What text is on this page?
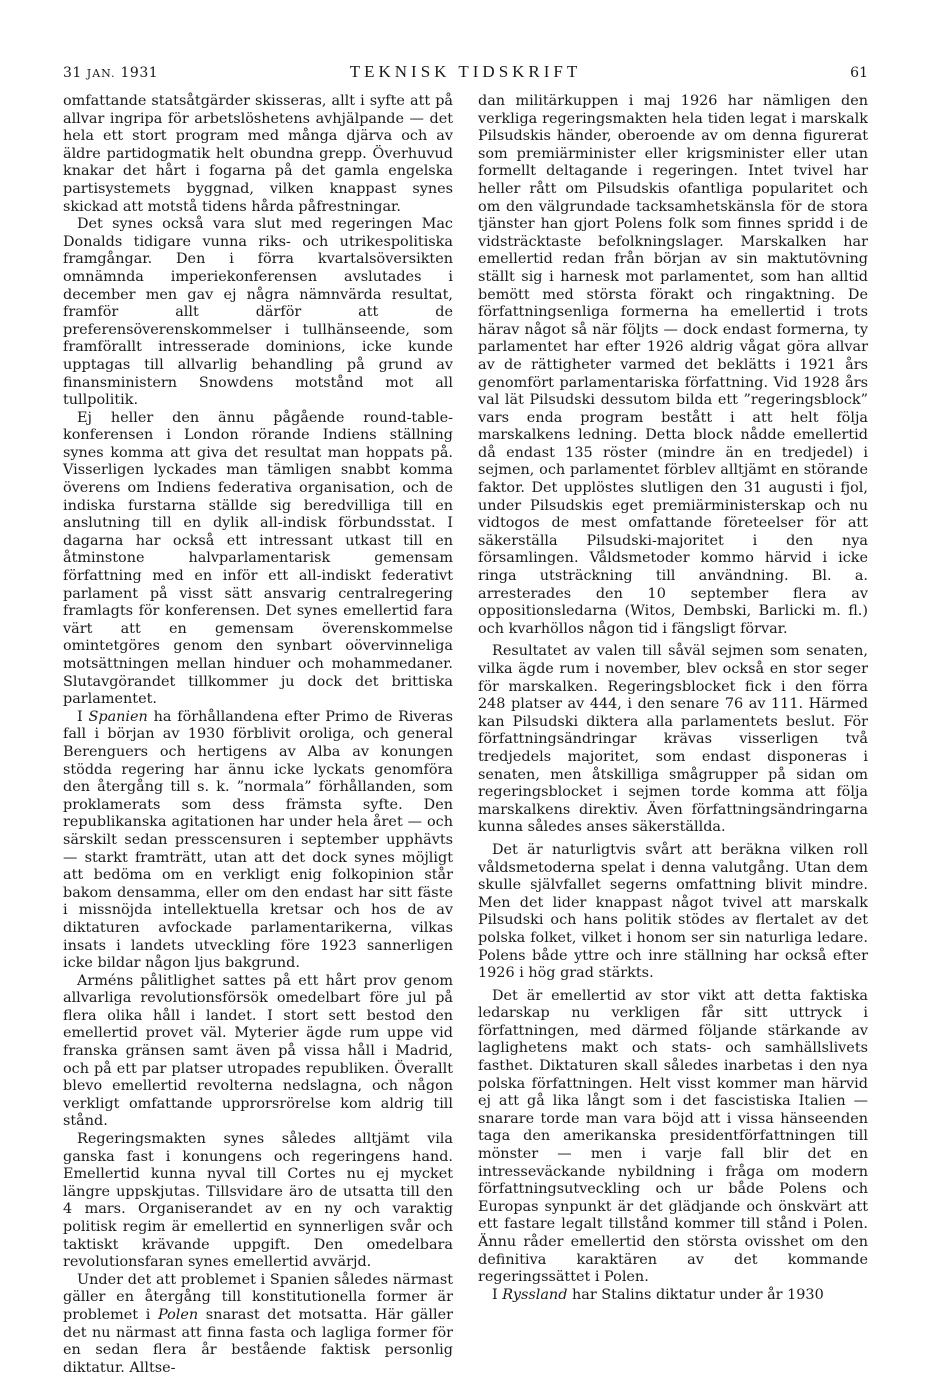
31 JAN. 1931	TEKNISK TIDSKRIFT	61

omfattande statsåtgärder skisseras, allt i syfte att på allvar ingripa för arbetslöshetens avhjälpande — det hela ett stort program med många djärva och av äldre partidogmatik helt obundna grepp. Överhuvud knakar det hårt i fogarna på det gamla engelska partisystemets byggnad, vilken knappast synes skickad att motstå tidens hårda påfrestningar.

Det synes också vara slut med regeringen Mac Donalds tidigare vunna riks- och utrikespolitiska framgångar. Den i förra kvartalsöversikten omnämnda imperiekonferensen avslutades i december men gav ej några nämnvärda resultat, framför allt därför att de preferensöverenskommelser i tullhänseende, som framförallt intresserade dominions, icke kunde upptagas till allvarlig behandling på grund av finansministern Snowdens motstånd mot all tullpolitik.

Ej heller den ännu pågående round-table-konferensen i London rörande Indiens ställning synes komma att giva det resultat man hoppats på. Visserligen lyckades man tämligen snabbt komma överens om Indiens federativa organisation, och de indiska furstarna ställde sig beredvilliga till en anslutning till en dylik all-indisk förbundsstat. I dagarna har också ett intressant utkast till en åtminstone halvparlamentarisk gemensam författning med en inför ett all-indiskt federativt parlament på visst sätt ansvarig centralregering framlagts för konferensen. Det synes emellertid fara värt att en gemensam överenskommelse omintetgöres genom den synbart oövervinneliga motsättningen mellan hinduer och mohammedaner. Slutavgörandet tillkommer ju dock det brittiska parlamentet.

I Spanien ha förhållandena efter Primo de Riveras fall i början av 1930 förblivit oroliga, och general Berenguers och hertigens av Alba av konungen stödda regering har ännu icke lyckats genomföra den återgång till s. k. ”normala” förhållanden, som proklamerats som dess främsta syfte. Den republikanska agitationen har under hela året — och särskilt sedan presscensuren i september upphävts — starkt framträtt, utan att det dock synes möjligt att bedöma om en verkligt enig folkopinion står bakom densamma, eller om den endast har sitt fäste i missnöjda intellektuella kretsar och hos de av diktaturen avfockade parlamentarikerna, vilkas insats i landets utveckling före 1923 sannerligen icke bildar någon ljus bakgrund.

Arméns pålitlighet sattes på ett hårt prov genom allvarliga revolutionsförsök omedelbart före jul på flera olika håll i landet. I stort sett bestod den emellertid provet väl. Myterier ägde rum uppe vid franska gränsen samt även på vissa håll i Madrid, och på ett par platser utropades republiken. Överallt blevo emellertid revolterna nedslagna, och någon verkligt omfattande upprorsrörelse kom aldrig till stånd.

Regeringsmakten synes således alltjämt vila ganska fast i konungens och regeringens hand. Emellertid kunna nyval till Cortes nu ej mycket längre uppskjutas. Tillsvidare äro de utsatta till den 4 mars. Organiserandet av en ny och varaktig politisk regim är emellertid en synnerligen svår och taktiskt krävande uppgift. Den omedelbara revolutionsfaran synes emellertid avvärjd.

Under det att problemet i Spanien således närmast gäller en återgång till konstitutionella former är problemet i Polen snarast det motsatta. Här gäller det nu närmast att finna fasta och lagliga former för en sedan flera år bestående faktisk personlig diktatur. Alltse-

dan militärkuppen i maj 1926 har nämligen den verkliga regeringsmakten hela tiden legat i marskalk Pilsudskis händer, oberoende av om denna figurerat som premiärminister eller krigsminister eller utan formellt deltagande i regeringen. Intet tvivel har heller rått om Pilsudskis ofantliga popularitet och om den välgrundade tacksamhetskänsla för de stora tjänster han gjort Polens folk som finnes spridd i de vidsträcktaste befolkningslager. Marskalken har emellertid redan från början av sin maktutövning ställt sig i harnesk mot parlamentet, som han alltid bemött med största förakt och ringaktning. De författningsenliga formerna ha emellertid i trots härav något så när följts — dock endast formerna, ty parlamentet har efter 1926 aldrig vågat göra allvar av de rättigheter varmed det beklätts i 1921 års genomfört parlamentariska författning. Vid 1928 års val lät Pilsudski dessutom bilda ett ”regeringsblock” vars enda program bestått i att helt följa marskalkens ledning. Detta block nådde emellertid då endast 135 röster (mindre än en tredjedel) i sejmen, och parlamentet förblev alltjämt en störande faktor. Det upplöstes slutligen den 31 augusti i fjol, under Pilsudskis eget premiärministerskap och nu vidtogos de mest omfattande företeelser för att säkerställa Pilsudski-majoritet i den nya församlingen. Våldsmetoder kommo härvid i icke ringa utsträckning till användning. Bl. a. arresterades den 10 september flera av oppositionsledarna (Witos, Dembski, Barlicki m. fl.) och kvarhöllos någon tid i fängsligt förvar.

Resultatet av valen till såväl sejmen som senaten, vilka ägde rum i november, blev också en stor seger för marskalken. Regeringsblocket fick i den förra 248 platser av 444, i den senare 76 av 111. Härmed kan Pilsudski diktera alla parlamentets beslut. För författningsändringar krävas visserligen två tredjedels majoritet, som endast disponeras i senaten, men åtskilliga smågrupper på sidan om regeringsblocket i sejmen torde komma att följa marskalkens direktiv. Även författningsändringarna kunna således anses säkerställda.

Det är naturligtvis svårt att beräkna vilken roll våldsmetoderna spelat i denna valutgång. Utan dem skulle självfallet segerns omfattning blivit mindre. Men det lider knappast något tvivel att marskalk Pilsudski och hans politik stödes av flertalet av det polska folket, vilket i honom ser sin naturliga ledare. Polens både yttre och inre ställning har också efter 1926 i hög grad stärkts.

Det är emellertid av stor vikt att detta faktiska ledarskap nu verkligen får sitt uttryck i författningen, med därmed följande stärkande av laglighetens makt och stats- och samhällslivets fasthet. Diktaturen skall således inarbetas i den nya polska författningen. Helt visst kommer man härvid ej att gå lika långt som i det fascistiska Italien — snarare torde man vara böjd att i vissa hänseenden taga den amerikanska presidentförfattningen till mönster — men i varje fall blir det en intresseväckande nybildning i fråga om modern författningsutveckling och ur både Polens och Europas synpunkt är det glädjande och önskvärt att ett fastare legalt tillstånd kommer till stånd i Polen. Ännu råder emellertid den största ovisshet om den definitiva karaktären av det kommande regeringssättet i Polen.

I Ryssland har Stalins diktatur under år 1930
